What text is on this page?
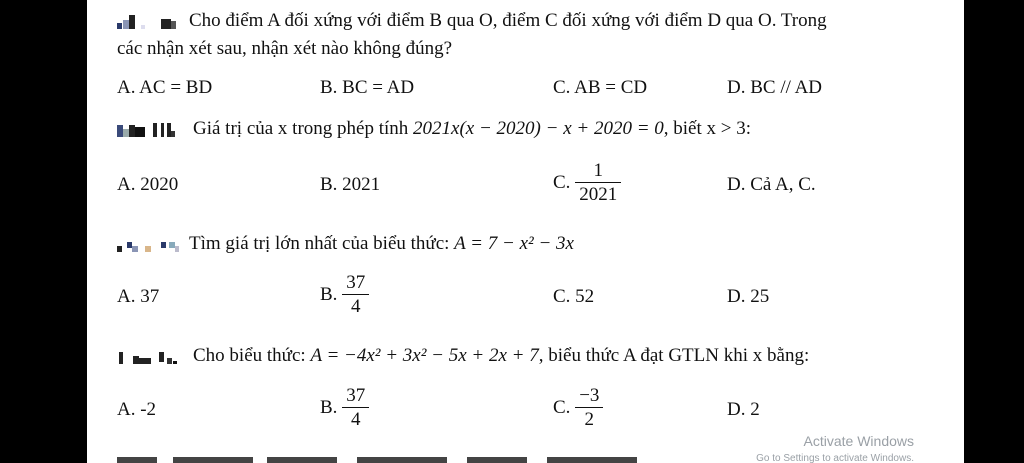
Cho điểm A đối xứng với điểm B qua O, điểm C đối xứng với điểm D qua O. Trong
các nhận xét sau, nhận xét nào không đúng?
A. AC = BD	B. BC = AD	C. AB = CD	D. BC // AD
Giá trị của x trong phép tính 2021x(x − 2020) − x + 2020 = 0, biết x > 3:
A. 2020	B. 2021	C. $\frac{1}{2021}$	D. Cả A, C.
Tìm giá trị lớn nhất của biểu thức: A = 7 − x² − 3x
A. 37	B. $\frac{37}{4}$	C. 52	D. 25
Cho biểu thức: A = −4x² + 3x² − 5x + 2x + 7, biểu thức A đạt GTLN khi x bằng:
A. -2	B. $\frac{37}{4}$	C. $\frac{-3}{2}$	D. 2
Activate Windows
Go to Settings to activate Windows.
